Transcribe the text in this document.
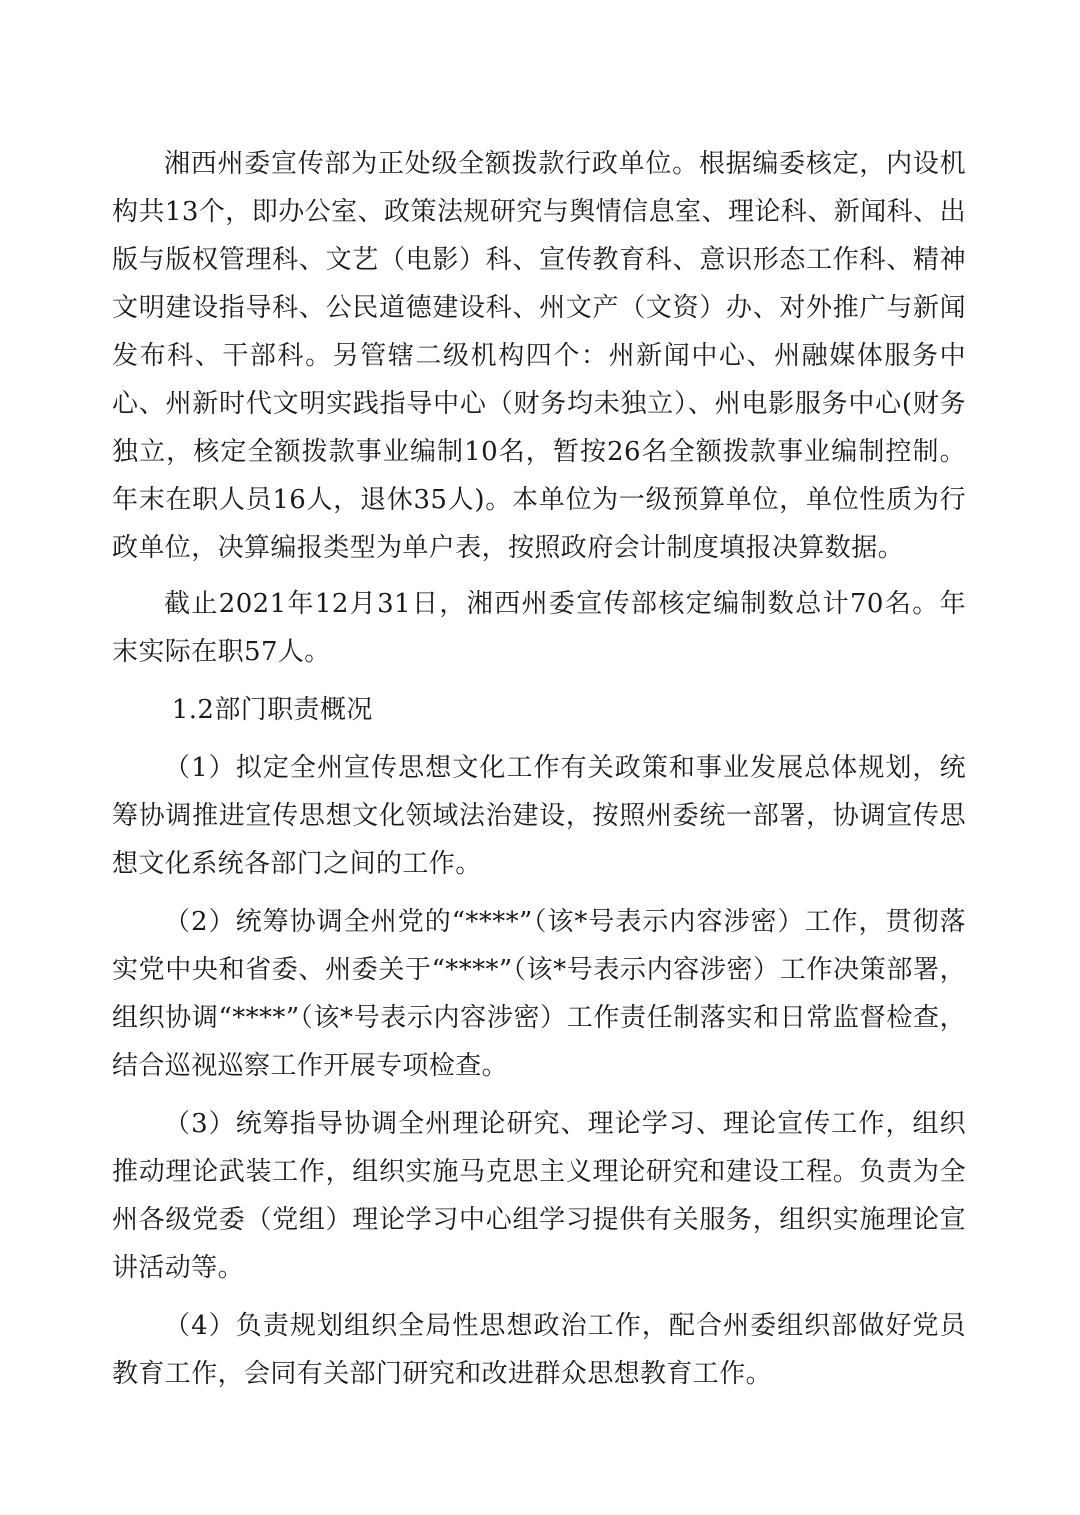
湘西州委宣传部为正处级全额拨款行政单位。根据编委核定，内设机构共13个，即办公室、政策法规研究与舆情信息室、理论科、新闻科、出版与版权管理科、文艺（电影）科、宣传教育科、意识形态工作科、精神文明建设指导科、公民道德建设科、州文产（文资）办、对外推广与新闻发布科、干部科。另管辖二级机构四个：州新闻中心、州融媒体服务中心、州新时代文明实践指导中心（财务均未独立）、州电影服务中心(财务独立，核定全额拨款事业编制10名，暂按26名全额拨款事业编制控制。年末在职人员16人，退休35人)。本单位为一级预算单位，单位性质为行政单位，决算编报类型为单户表，按照政府会计制度填报决算数据。

截止2021年12月31日，湘西州委宣传部核定编制数总计70名。年末实际在职57人。

1.2部门职责概况

（1）拟定全州宣传思想文化工作有关政策和事业发展总体规划，统筹协调推进宣传思想文化领域法治建设，按照州委统一部署，协调宣传思想文化系统各部门之间的工作。

（2）统筹协调全州党的“****”（该*号表示内容涉密）工作，贯彻落实党中央和省委、州委关于“****”（该*号表示内容涉密）工作决策部署，组织协调“****”（该*号表示内容涉密）工作责任制落实和日常监督检查，结合巡视巡察工作开展专项检查。

（3）统筹指导协调全州理论研究、理论学习、理论宣传工作，组织推动理论武装工作，组织实施马克思主义理论研究和建设工程。负责为全州各级党委（党组）理论学习中心组学习提供有关服务，组织实施理论宣讲活动等。

（4）负责规划组织全局性思想政治工作，配合州委组织部做好党员教育工作，会同有关部门研究和改进群众思想教育工作。
